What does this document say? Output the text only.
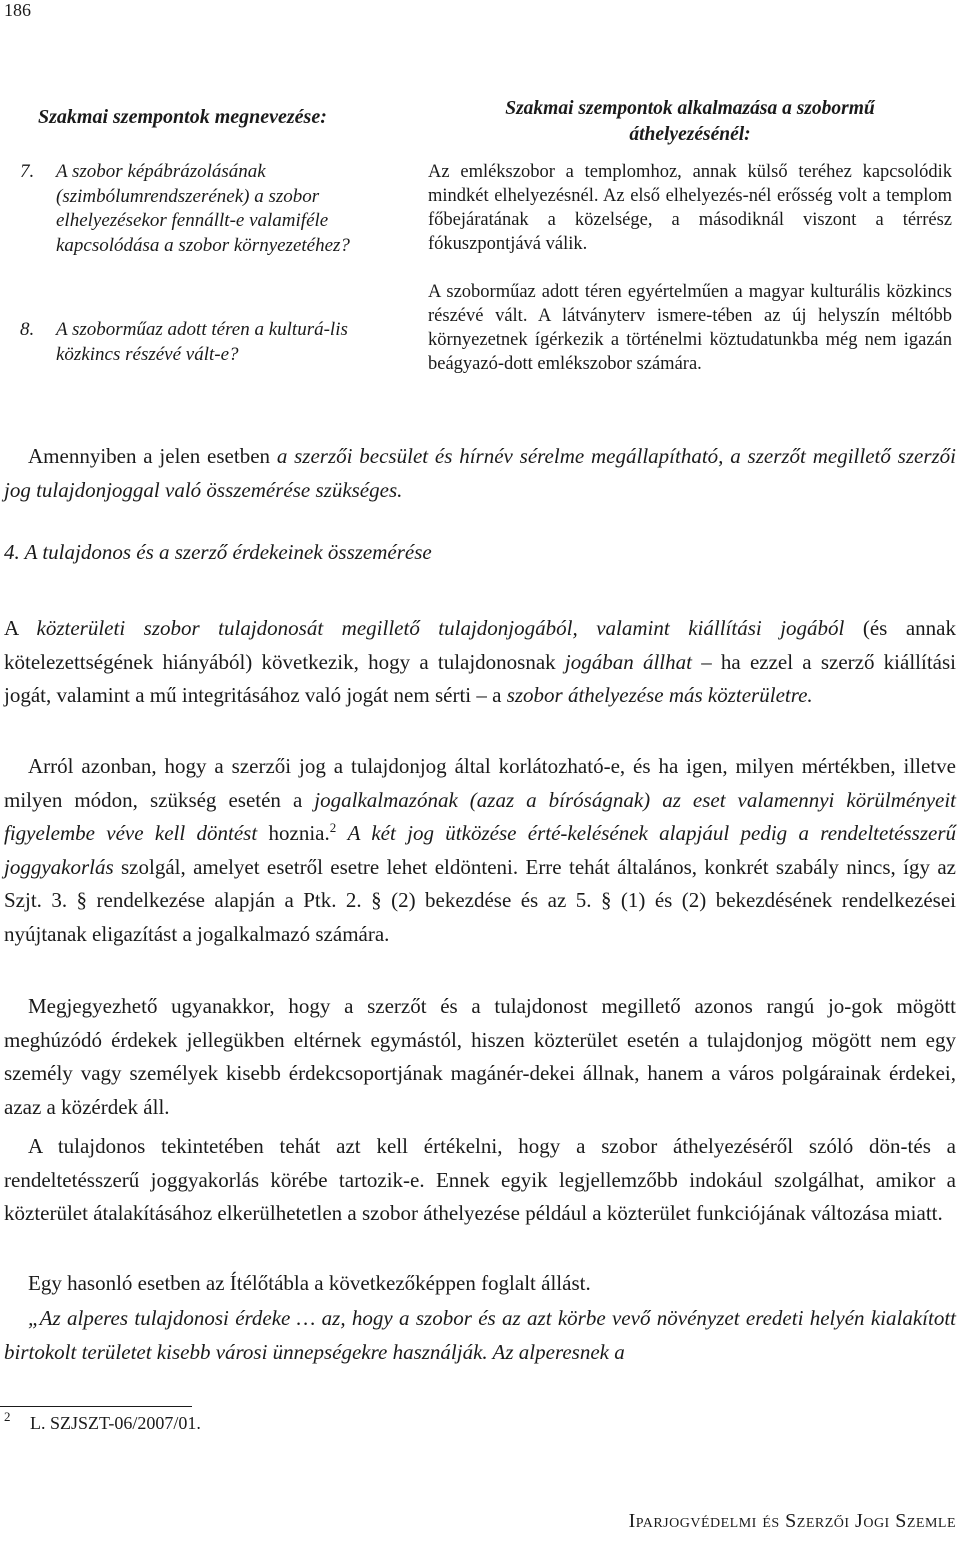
186
Szakmai szempontok megnevezése:
7. A szobor képábrázolásának (szimbólumrendszerének) a szobor elhelyezésekor fennállt-e valamiféle kapcsolódása a szobor környezetéhez?
8. A szoborműaz adott téren a kulturá-lis közkincs részévé vált-e?
Szakmai szempontok alkalmazása a szobormű
áthelyezésénél:
Az emlékszobor a templomhoz, annak külső teréhez kapcsolódik mindkét elhelyezésnél. Az első elhelyezés-nél erősség volt a templom főbejáratának a közelsége, a másodiknál viszont a térrész fókuszpontjává válik.
A szoborműaz adott téren egyértelműen a magyar kulturális közkincs részévé vált. A látványterv ismere-tében az új helyszín méltóbb környezetnek ígérkezik a történelmi köztudatunkba még nem igazán beágyazó-dott emlékszobor számára.
Amennyiben a jelen esetben a szerzői becsület és hírnév sérelme megállapítható, a szerzőt megillető szerzői jog tulajdonjoggal való összemérése szükséges.
4. A tulajdonos és a szerző érdekeinek összemérése
A közterületi szobor tulajdonosát megillető tulajdonjogából, valamint kiállítási jogából (és annak kötelezettségének hiányából) következik, hogy a tulajdonosnak jogában állhat – ha ezzel a szerző kiállítási jogát, valamint a mű integritásához való jogát nem sérti – a szobor áthelyezése más közterületre.
Arról azonban, hogy a szerzői jog a tulajdonjog által korlátozható-e, és ha igen, milyen mértékben, illetve milyen módon, szükség esetén a jogalkalmazónak (azaz a bíróságnak) az eset valamennyi körülményeit figyelembe véve kell döntést hoznia.$^2$ A két jog ütközése érté-kelésének alapjául pedig a rendeltetésszerű joggyakorlás szolgál, amelyet esetről esetre lehet eldönteni. Erre tehát általános, konkrét szabály nincs, így az Szjt. 3. § rendelkezése alapján a Ptk. 2. § (2) bekezdése és az 5. § (1) és (2) bekezdésének rendelkezései nyújtanak eligazítást a jogalkalmazó számára.
Megjegyezhető ugyanakkor, hogy a szerzőt és a tulajdonost megillető azonos rangú jo-gok mögött meghúzódó érdekek jellegükben eltérnek egymástól, hiszen közterület esetén a tulajdonjog mögött nem egy személy vagy személyek kisebb érdekcsoportjának magánér-dekei állnak, hanem a város polgárainak érdekei, azaz a közérdek áll.
A tulajdonos tekintetében tehát azt kell értékelni, hogy a szobor áthelyezéséről szóló dön-tés a rendeltetésszerű joggyakorlás körébe tartozik-e. Ennek egyik legjellemzőbb indokául szolgálhat, amikor a közterület átalakításához elkerülhetetlen a szobor áthelyezése például a közterület funkciójának változása miatt.
Egy hasonló esetben az Ítélőtábla a következőképpen foglalt állást.
„Az alperes tulajdonosi érdeke … az, hogy a szobor és az azt körbe vevő növényzet eredeti helyén kialakított birtokolt területet kisebb városi ünnepségekre használják. Az alperesnek a
2 L. SZJSZT-06/2007/01.
Iparjogvédelmi és Szerzői Jogi Szemle
